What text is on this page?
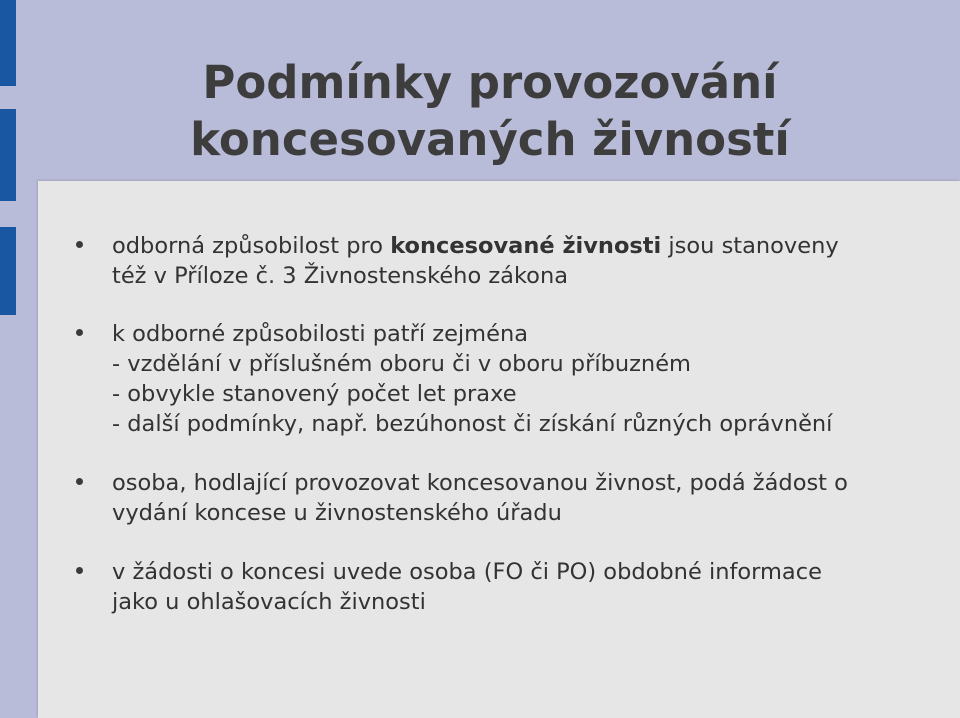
Podmínky provozování
koncesovaných živností
odborná způsobilost pro koncesované živnosti jsou stanoveny
též v Příloze č. 3 Živnostenského zákona
k odborné způsobilosti patří zejména
- vzdělání v příslušném oboru či v oboru příbuzném
- obvykle stanovený počet let praxe
- další podmínky, např. bezúhonost či získání různých oprávnění
osoba, hodlající provozovat koncesovanou živnost, podá žádost o
vydání koncese u živnostenského úřadu
v žádosti o koncesi uvede osoba (FO či PO) obdobné informace
jako u ohlašovacích živnosti
